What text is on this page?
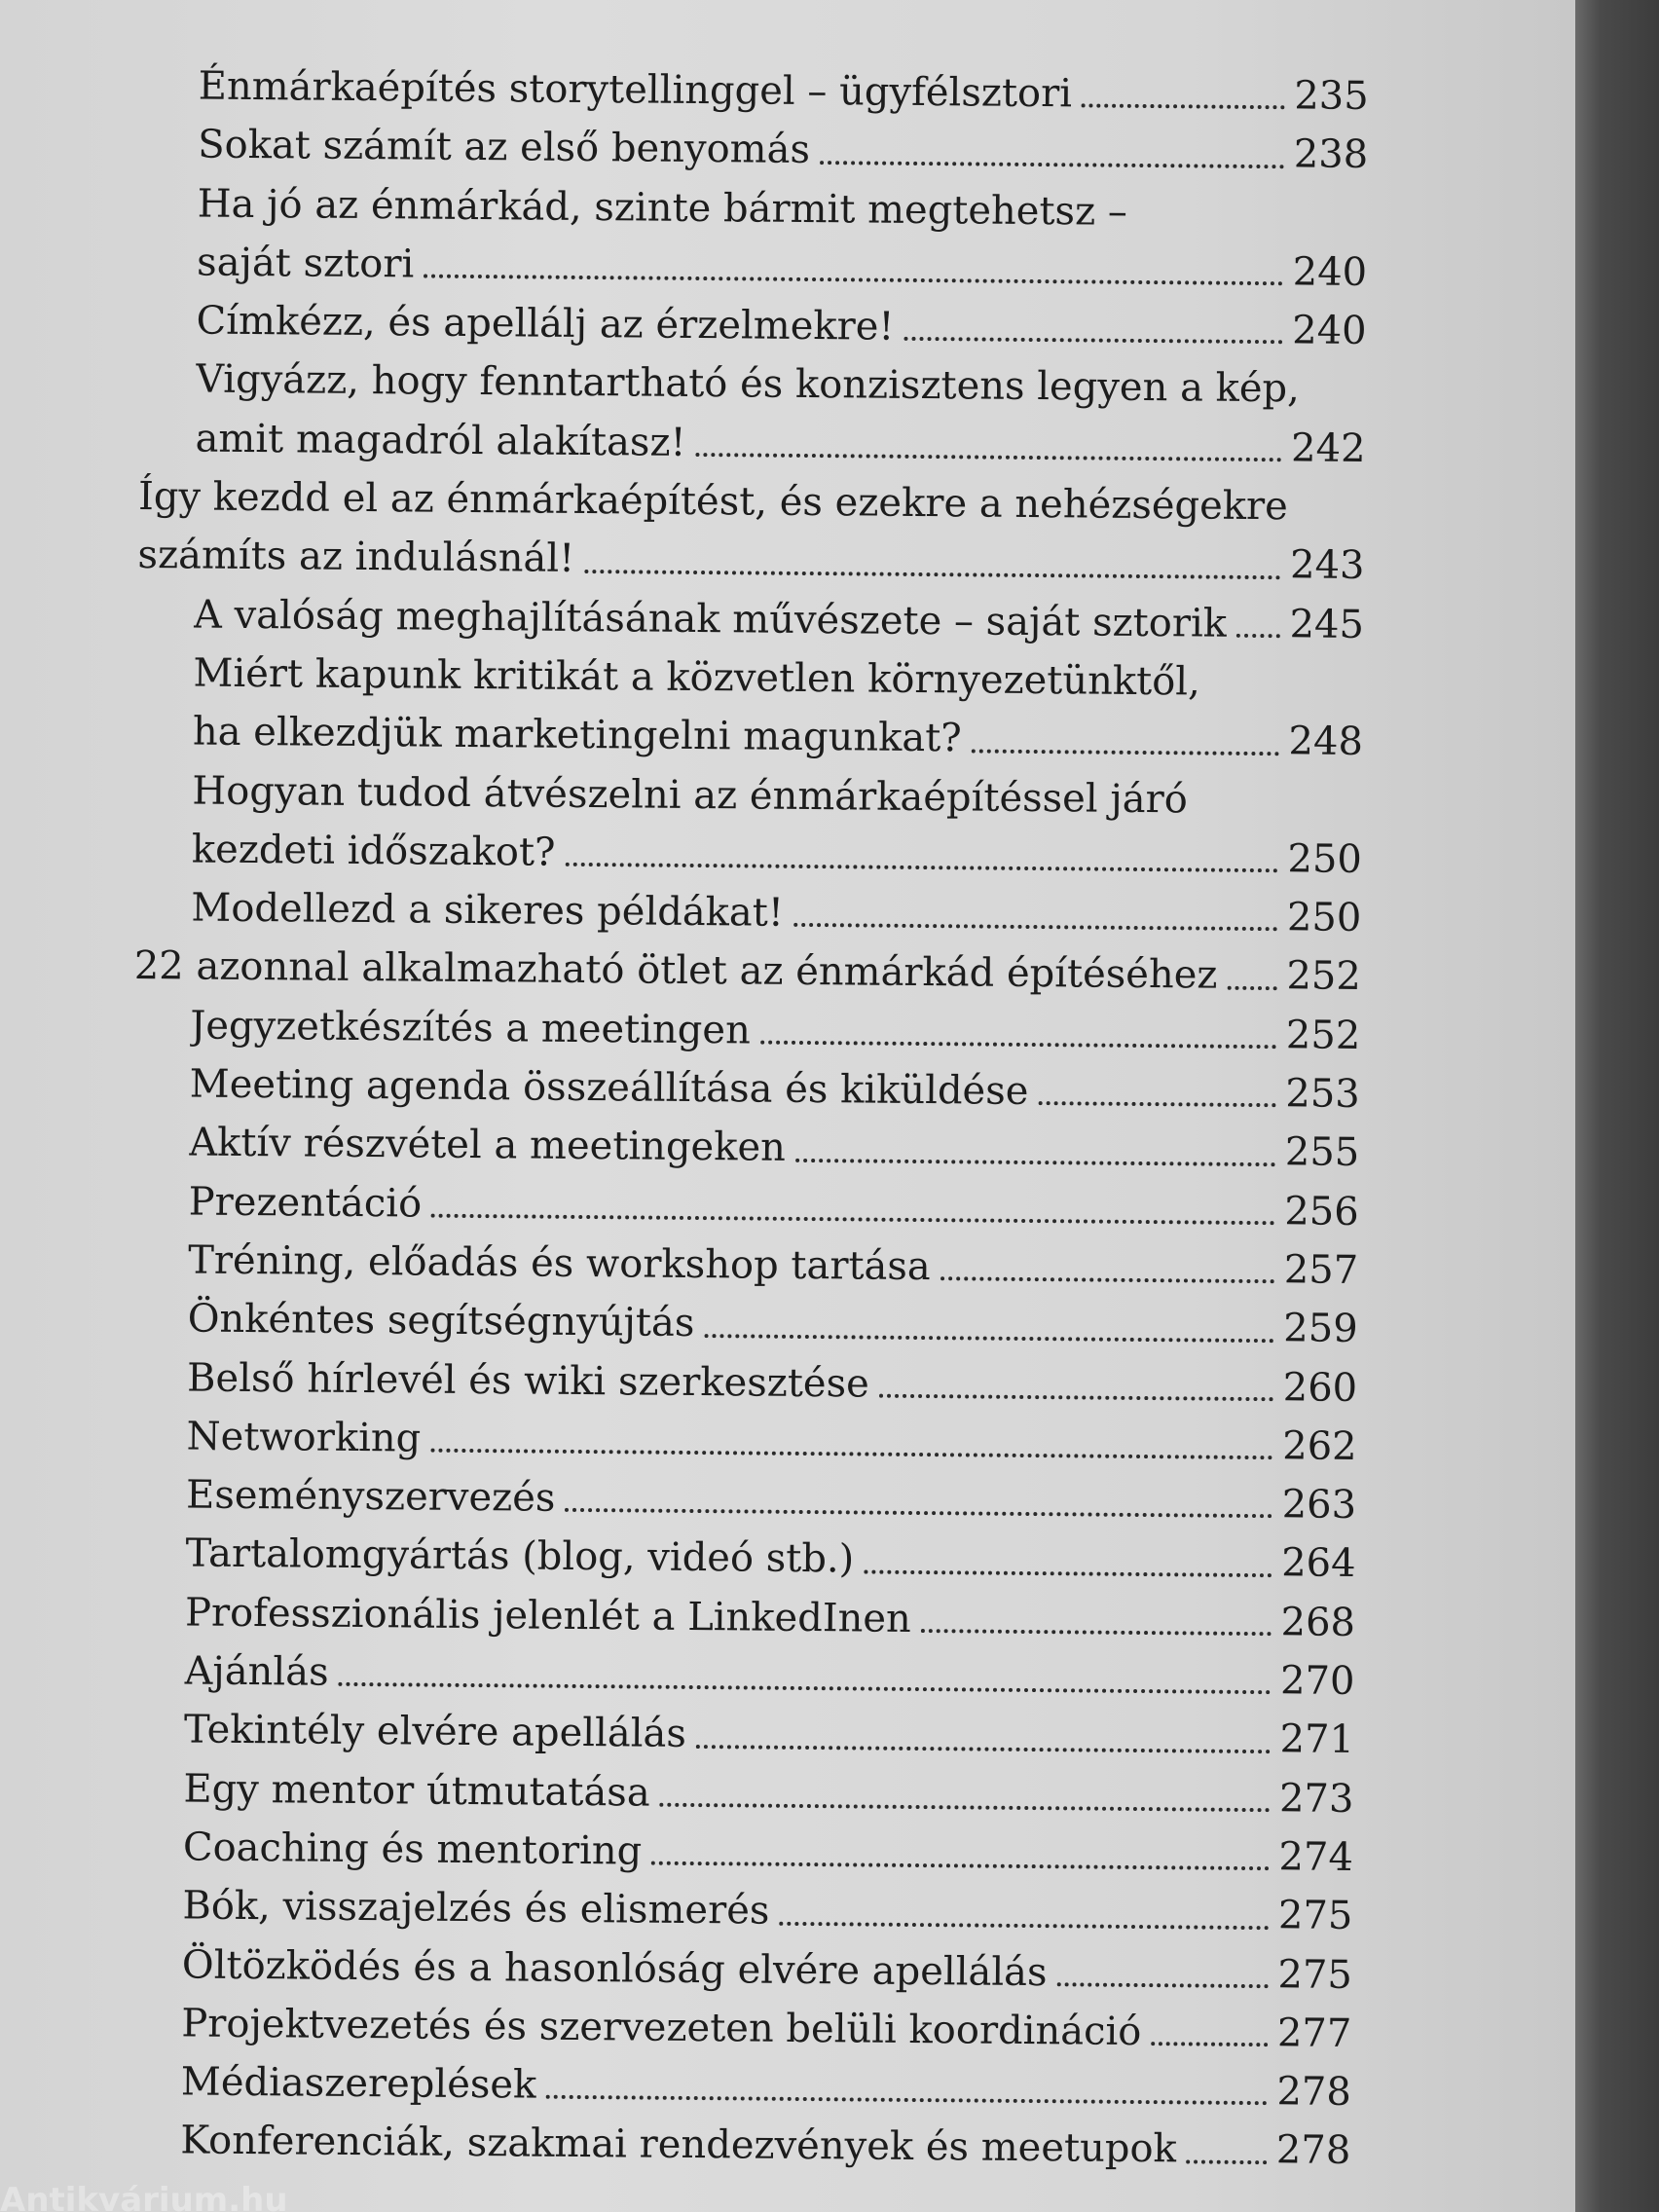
Énmárkaépítés storytellinggel – ügyfélsztori	235
Sokat számít az első benyomás	238
Ha jó az énmárkád, szinte bármit megtehetsz –
saját sztori	240
Címkézz, és apellálj az érzelmekre!	240
Vigyázz, hogy fenntartható és konzisztens legyen a kép,
amit magadról alakítasz!	242
Így kezdd el az énmárkaépítést, és ezekre a nehézségekre
számíts az indulásnál!	243
A valóság meghajlításának művészete – saját sztorik 245
Miért kapunk kritikát a közvetlen környezetünktől,
ha elkezdjük marketingelni magunkat?	248
Hogyan tudod átvészelni az énmárkaépítéssel járó
kezdeti időszakot?	250
Modellezd a sikeres példákat!	250
22 azonnal alkalmazható ötlet az énmárkád építéséhez 252
Jegyzetkészítés a meetingen	252
Meeting agenda összeállítása és kiküldése	253
Aktív részvétel a meetingeken	255
Prezentáció	256
Tréning, előadás és workshop tartása	257
Önkéntes segítségnyújtás	259
Belső hírlevél és wiki szerkesztése	260
Networking	262
Eseményszervezés	263
Tartalomgyártás (blog, videó stb.)	264
Professzionális jelenlét a LinkedInen	268
Ajánlás	270
Tekintély elvére apellálás	271
Egy mentor útmutatása	273
Coaching és mentoring	274
Bók, visszajelzés és elismerés	275
Öltözködés és a hasonlóság elvére apellálás	275
Projektvezetés és szervezeten belüli koordináció	277
Médiaszereplések	278
Konferenciák, szakmai rendezvények és meetupok	278
Antikvárium.hu
